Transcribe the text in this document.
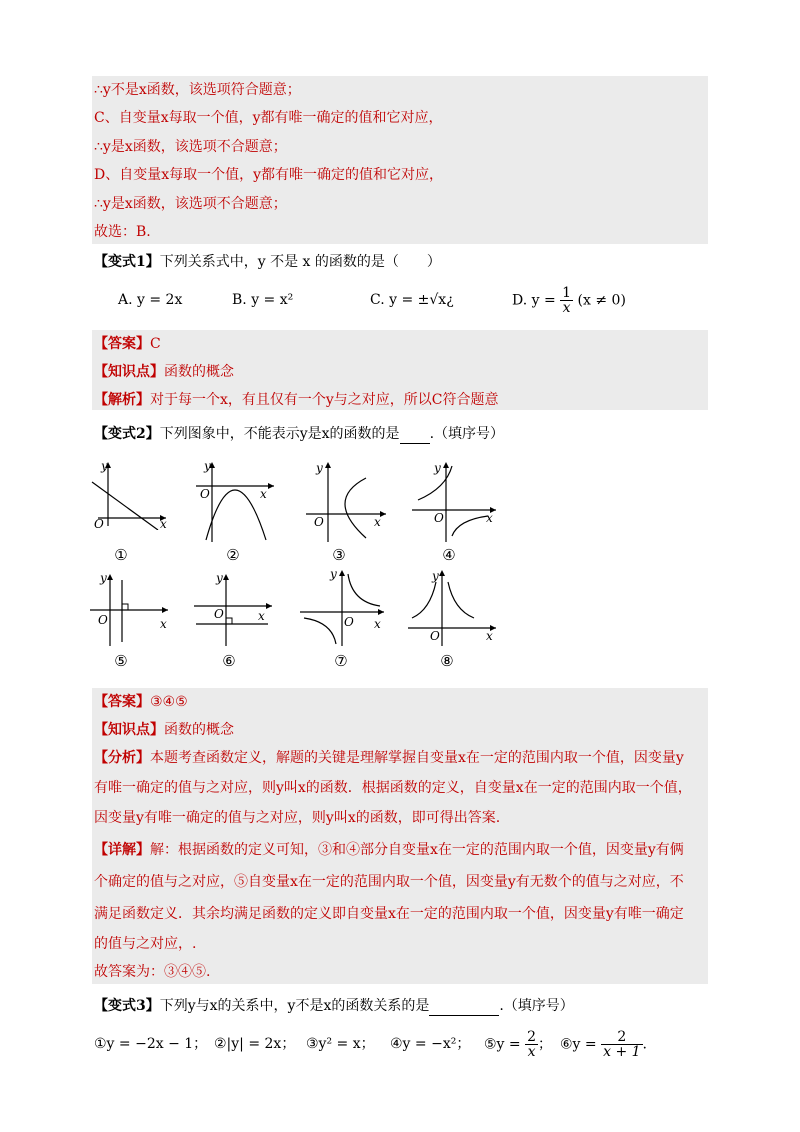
∴y不是x函数，该选项符合题意；
C、自变量x每取一个值，y都有唯一确定的值和它对应，
∴y是x函数，该选项不合题意；
D、自变量x每取一个值，y都有唯一确定的值和它对应，
∴y是x函数，该选项不合题意；
故选：B.
【变式1】下列关系式中，y 不是 x 的函数的是（　　）
A. y = 2x	B. y = x²	C. y = ±√x¿	D. $y = \frac{1}{x} (x \ne 0)$
【答案】C
【知识点】函数的概念
【解析】对于每一个x，有且仅有一个y与之对应，所以C符合题意
【变式2】下列图象中，不能表示y是x的函数的是 .（填序号）
y
x
O
y
x
O
y
x
O
y
x
O
①	②	③	④
y
x
O
y
x
O
y
x
O
y
x
O
⑤	⑥	⑦	⑧
【答案】③④⑤
【知识点】函数的概念
【分析】本题考查函数定义，解题的关键是理解掌握自变量x在一定的范围内取一个值，因变量y
有唯一确定的值与之对应，则y叫x的函数．根据函数的定义，自变量x在一定的范围内取一个值，
因变量y有唯一确定的值与之对应，则y叫x的函数，即可得出答案.
【详解】解：根据函数的定义可知，③和④部分自变量x在一定的范围内取一个值，因变量y有俩
个确定的值与之对应，⑤自变量x在一定的范围内取一个值，因变量y有无数个的值与之对应，不
满足函数定义．其余均满足函数的定义即自变量x在一定的范围内取一个值，因变量y有唯一确定
的值与之对应，.
故答案为：③④⑤.
【变式3】下列y与x的关系中，y不是x的函数关系的是	.（填序号）
①y = −2x − 1； ②|y| = 2x； ③y² = x； ④y = −x²； ⑤y = $\frac{2}{x}$ ； ⑥y = $\frac{2}{x + 1}$ .
